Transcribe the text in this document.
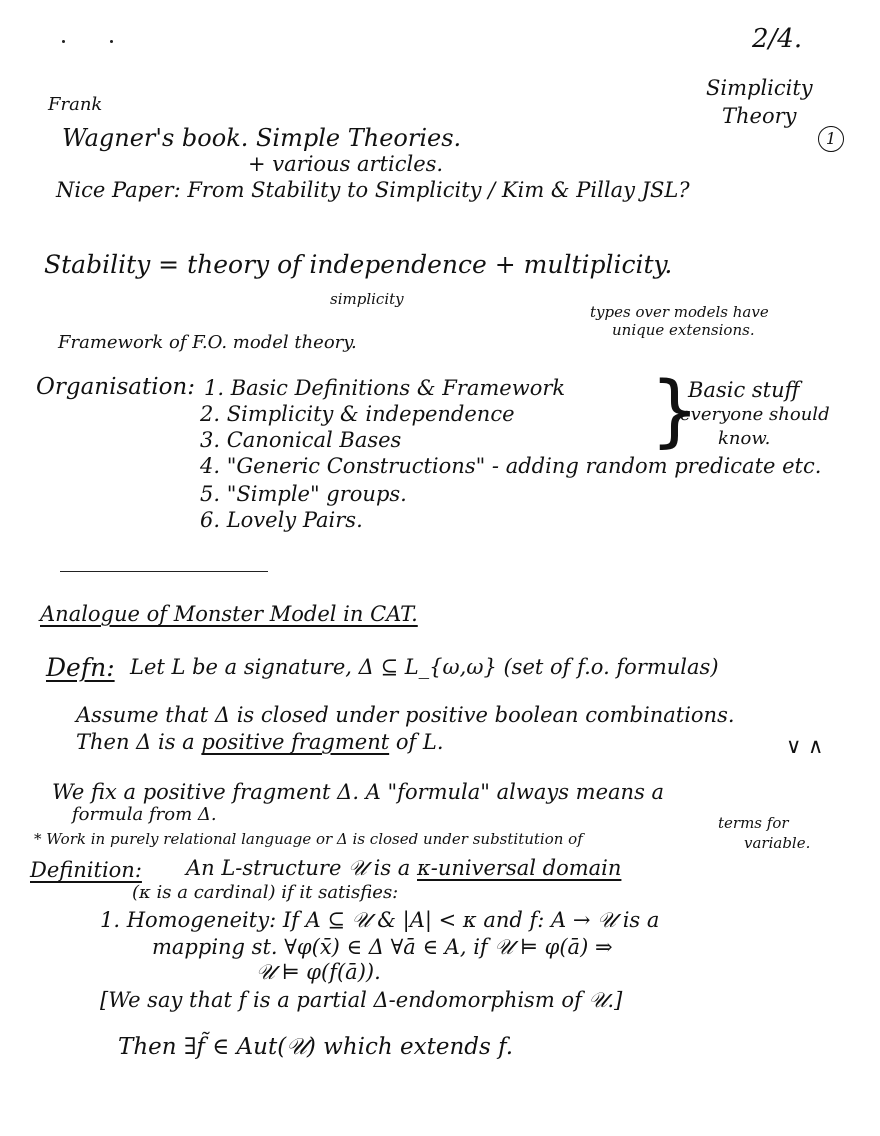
2/4.
Simplicity
Theory
1
Frank
Wagner's book. Simple Theories.
+ various articles.
Nice Paper: From Stability to Simplicity / Kim & Pillay JSL?
Stability = theory of independence + multiplicity.
simplicity
types over models have
unique extensions.
Framework of F.O. model theory.
Organisation: 1. Basic Definitions & Framework
2. Simplicity & independence
3. Canonical Bases
4. "Generic Constructions" - adding random predicate etc.
5. "Simple" groups.
6. Lovely Pairs.
}
Basic stuff
everyone should
know.
Analogue of Monster Model in CAT.
Defn: Let L be a signature, Δ ⊆ L_{ω,ω} (set of f.o. formulas)
Assume that Δ is closed under positive boolean combinations.
Then Δ is a positive fragment of L.	∨ ∧
We fix a positive fragment Δ. A "formula" always means a
formula from Δ.
* Work in purely relational language or Δ is closed under substitution of
terms for
variable.
Definition: An L-structure 𝒰 is a κ-universal domain
(κ is a cardinal) if it satisfies:
1. Homogeneity: If A ⊆ 𝒰 & |A| < κ and f: A → 𝒰 is a
mapping st. ∀φ(x̄) ∈ Δ ∀ā ∈ A, if 𝒰 ⊨ φ(ā) ⇒
𝒰 ⊨ φ(f(ā)).
[We say that f is a partial Δ-endomorphism of 𝒰.]
Then ∃f̃ ∈ Aut(𝒰) which extends f.
